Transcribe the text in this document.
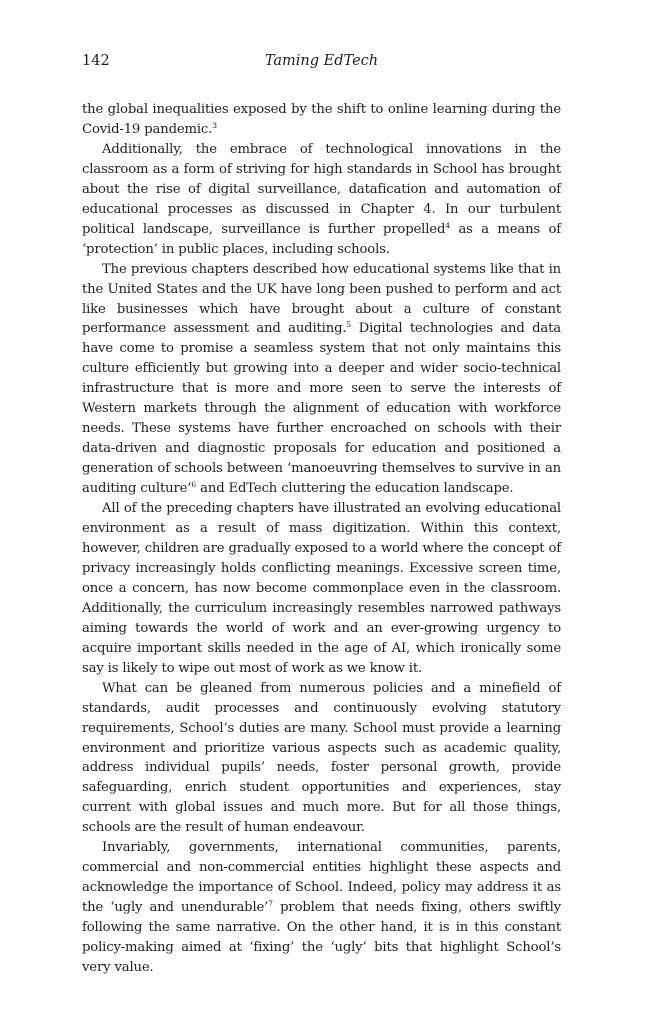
142	Taming EdTech

the global inequalities exposed by the shift to online learning during the Covid-19 pandemic.$^3$

Additionally, the embrace of technological innovations in the classroom as a form of striving for high standards in School has brought about the rise of digital surveillance, datafication and automation of educational processes as discussed in Chapter 4. In our turbulent political landscape, surveillance is further propelled$^4$ as a means of ‘protection’ in public places, including schools.

The previous chapters described how educational systems like that in the United States and the UK have long been pushed to perform and act like businesses which have brought about a culture of constant performance assessment and auditing.$^5$ Digital technologies and data have come to promise a seamless system that not only maintains this culture efficiently but growing into a deeper and wider socio-technical infrastructure that is more and more seen to serve the interests of Western markets through the alignment of education with workforce needs. These systems have further encroached on schools with their data-driven and diagnostic proposals for education and positioned a generation of schools between ‘manoeuvring themselves to survive in an auditing culture’$^6$ and EdTech cluttering the education landscape.

All of the preceding chapters have illustrated an evolving educational environment as a result of mass digitization. Within this context, however, children are gradually exposed to a world where the concept of privacy increasingly holds conflicting meanings. Excessive screen time, once a concern, has now become commonplace even in the classroom. Additionally, the curriculum increasingly resembles narrowed pathways aiming towards the world of work and an ever-growing urgency to acquire important skills needed in the age of AI, which ironically some say is likely to wipe out most of work as we know it.

What can be gleaned from numerous policies and a minefield of standards, audit processes and continuously evolving statutory requirements, School’s duties are many. School must provide a learning environment and prioritize various aspects such as academic quality, address individual pupils’ needs, foster personal growth, provide safeguarding, enrich student opportunities and experiences, stay current with global issues and much more. But for all those things, schools are the result of human endeavour.

Invariably, governments, international communities, parents, commercial and non-commercial entities highlight these aspects and acknowledge the importance of School. Indeed, policy may address it as the ‘ugly and unendurable’$^7$ problem that needs fixing, others swiftly following the same narrative. On the other hand, it is in this constant policy-making aimed at ‘fixing’ the ‘ugly’ bits that highlight School’s very value.
